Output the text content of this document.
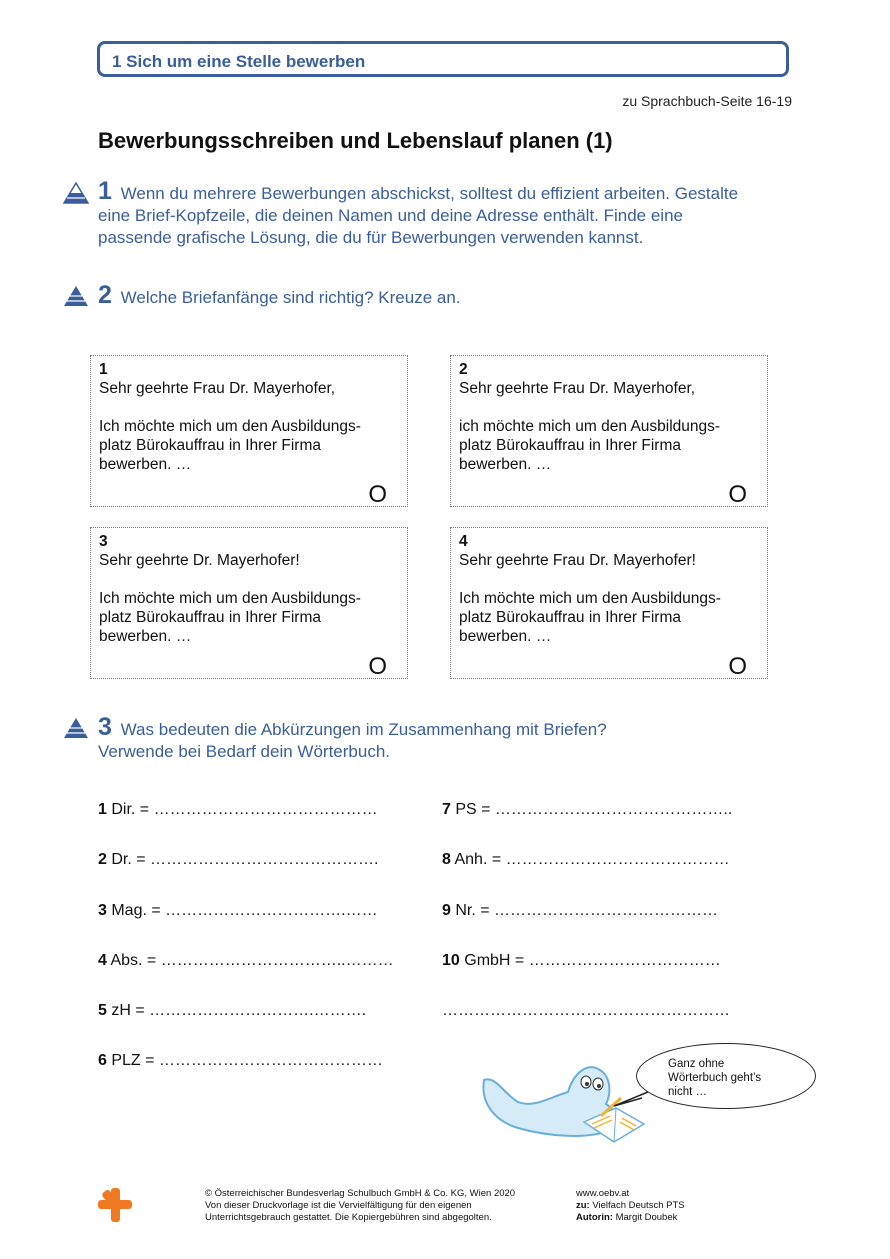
1 Sich um eine Stelle bewerben
zu Sprachbuch-Seite 16-19
Bewerbungsschreiben und Lebenslauf planen (1)
1 Wenn du mehrere Bewerbungen abschickst, solltest du effizient arbeiten. Gestalte
eine Brief-Kopfzeile, die deinen Namen und deine Adresse enthält. Finde eine
passende grafische Lösung, die du für Bewerbungen verwenden kannst.
2 Welche Briefanfänge sind richtig? Kreuze an.
1
Sehr geehrte Frau Dr. Mayerhofer,
Ich möchte mich um den Ausbildungs- platz Bürokauffrau in Ihrer Firma bewerben. …
O
2
Sehr geehrte Frau Dr. Mayerhofer,
ich möchte mich um den Ausbildungs- platz Bürokauffrau in Ihrer Firma bewerben. …
O
3
Sehr geehrte Dr. Mayerhofer!
Ich möchte mich um den Ausbildungs- platz Bürokauffrau in Ihrer Firma bewerben. …
O
4
Sehr geehrte Frau Dr. Mayerhofer!
Ich möchte mich um den Ausbildungs- platz Bürokauffrau in Ihrer Firma bewerben. …
O
3 Was bedeuten die Abkürzungen im Zusammenhang mit Briefen?
Verwende bei Bedarf dein Wörterbuch.
1 Dir. = ……………………………………
2 Dr. = …………………………………….
3 Mag. = …………………………….……
4 Abs. = ……………………………..………
5 zH = ………………………….……….
6 PLZ = ……………………………………
7 PS = ……………….……………………..
8 Anh. = ……………………………………
9 Nr. = ……………………………………
10 GmbH = ………………………………
………………………………………………
Ganz ohne
Wörterbuch geht’s
nicht …
© Österreichischer Bundesverlag Schulbuch GmbH & Co. KG, Wien 2020
Von dieser Druckvorlage ist die Vervielfältigung für den eigenen
Unterrichtsgebrauch gestattet. Die Kopiergebühren sind abgegolten.
www.oebv.at
zu: Vielfach Deutsch PTS
Autorin: Margit Doubek
